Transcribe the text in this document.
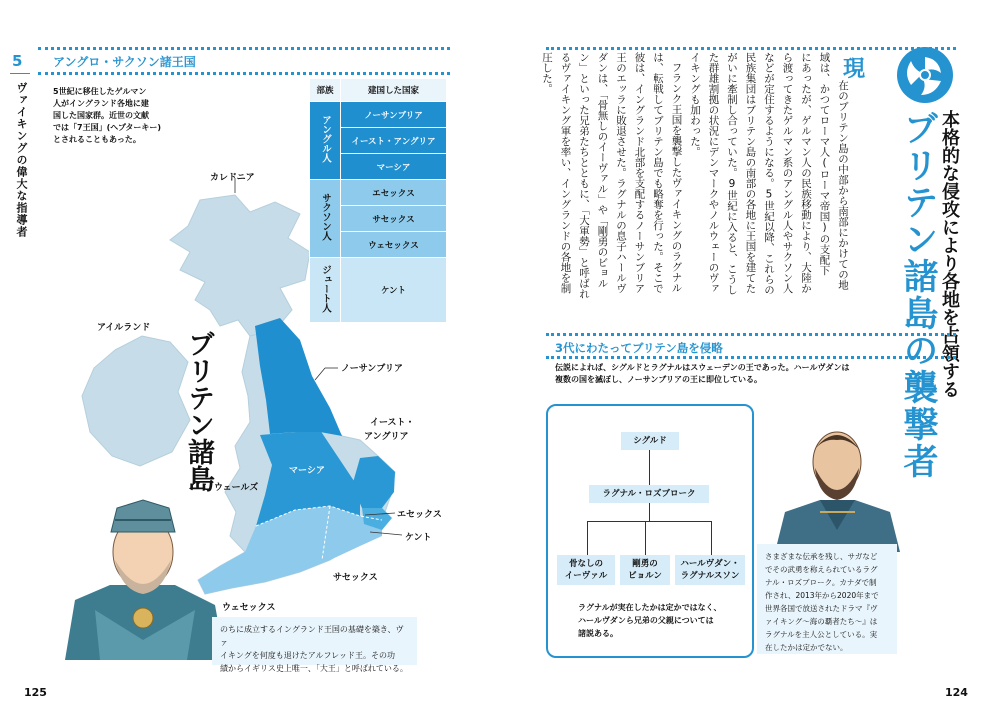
5
ヴァイキングの偉大な指導者
アングロ・サクソン諸王国
5世紀に移住したゲルマン
人がイングランド各地に建
国した国家群。近世の文献
では「7王国」(ヘプターキー)
とされることもあった。
カレドニア
アイルランド
ノーサンブリア
イースト・
アングリア
マーシア
ウェールズ
エセックス
ケント
サセックス
ウェセックス
ブリテン諸島
部族	建国した国家
アングル人	ノーサンブリア
	イースト・アングリア
	マーシア
サクソン人	エセックス
	サセックス
	ウェセックス
ジュート人	ケント
のちに成立するイングランド王国の基礎を築き、ヴァ
イキングを何度も退けたアルフレッド王。その功
績からイギリス史上唯一、「大王」と呼ばれている。
125
本格的な侵攻により各地を占領する
ブリテン諸島の襲撃者
現
在のブリテン島の中部から南部にかけての地
域は、かつてローマ人(ローマ帝国)の支配下
にあったが、ゲルマン人の民族移動により、大陸か
ら渡ってきたゲルマン系のアングル人やサクソン人
などが定住するようになる。5世紀以降、これらの
民族集団はブリテン島の南部の各地に王国を建てた
がいに牽制し合っていた。9世紀に入ると、こうし
た群雄割拠の状況にデンマークやノルウェーのヴァ
イキングも加わった。
フランク王国を襲撃したヴァイキングのラグナル
は、転戦してブリテン島でも略奪を行った。そこで
彼は、イングランド北部を支配するノーサンブリア
王のエッラに敗退させた。ラグナルの息子ハールヴ
ダンは、「骨無しのイーヴァル」や「剛勇のビョル
ン」といった兄弟たちとともに、「大軍勢」と呼ばれ
るヴァイキング軍を率い、イングランドの各地を制
圧した。
3代にわたってブリテン島を侵略
伝説によれば、シグルドとラグナルはスウェーデンの王であった。ハールヴダンは
複数の国を滅ぼし、ノーサンブリアの王に即位している。
シグルド
ラグナル・ロズブローク
骨なしの
イーヴァル
剛勇の
ビョルン
ハールヴダン・
ラグナルスソン
ラグナルが実在したかは定かではなく、
ハールヴダンら兄弟の父親については
諸説ある。
さまざまな伝承を残し、サガなど
でその武勇を称えられているラグ
ナル・ロズブローク。カナダで制
作され、2013年から2020年まで
世界各国で放送されたドラマ『ヴ
ァイキング～海の覇者たち～』は
ラグナルを主人公としている。実
在したかは定かでない。
124
